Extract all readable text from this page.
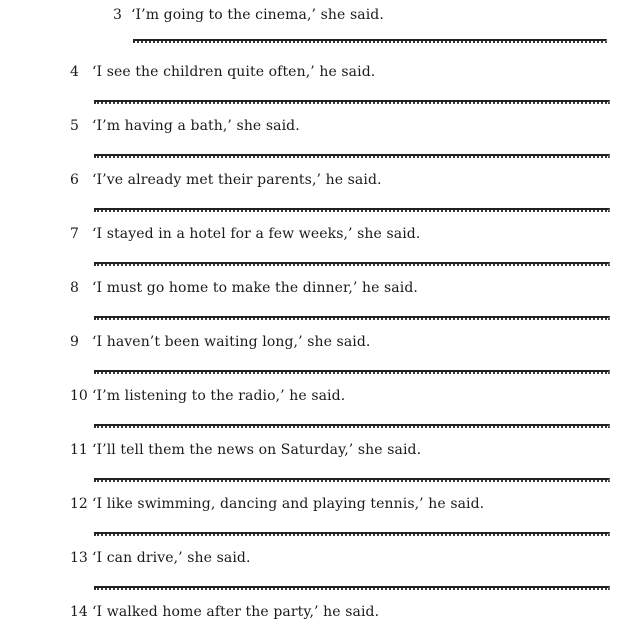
3 ‘I’m going to the cinema,’ she said.
4 ‘I see the children quite often,’ he said.
5 ‘I’m having a bath,’ she said.
6 ‘I’ve already met their parents,’ he said.
7 ‘I stayed in a hotel for a few weeks,’ she said.
8 ‘I must go home to make the dinner,’ he said.
9 ‘I haven’t been waiting long,’ she said.
10 ‘I’m listening to the radio,’ he said.
11 ‘I’ll tell them the news on Saturday,’ she said.
12 ‘I like swimming, dancing and playing tennis,’ he said.
13 ‘I can drive,’ she said.
14 ‘I walked home after the party,’ he said.
